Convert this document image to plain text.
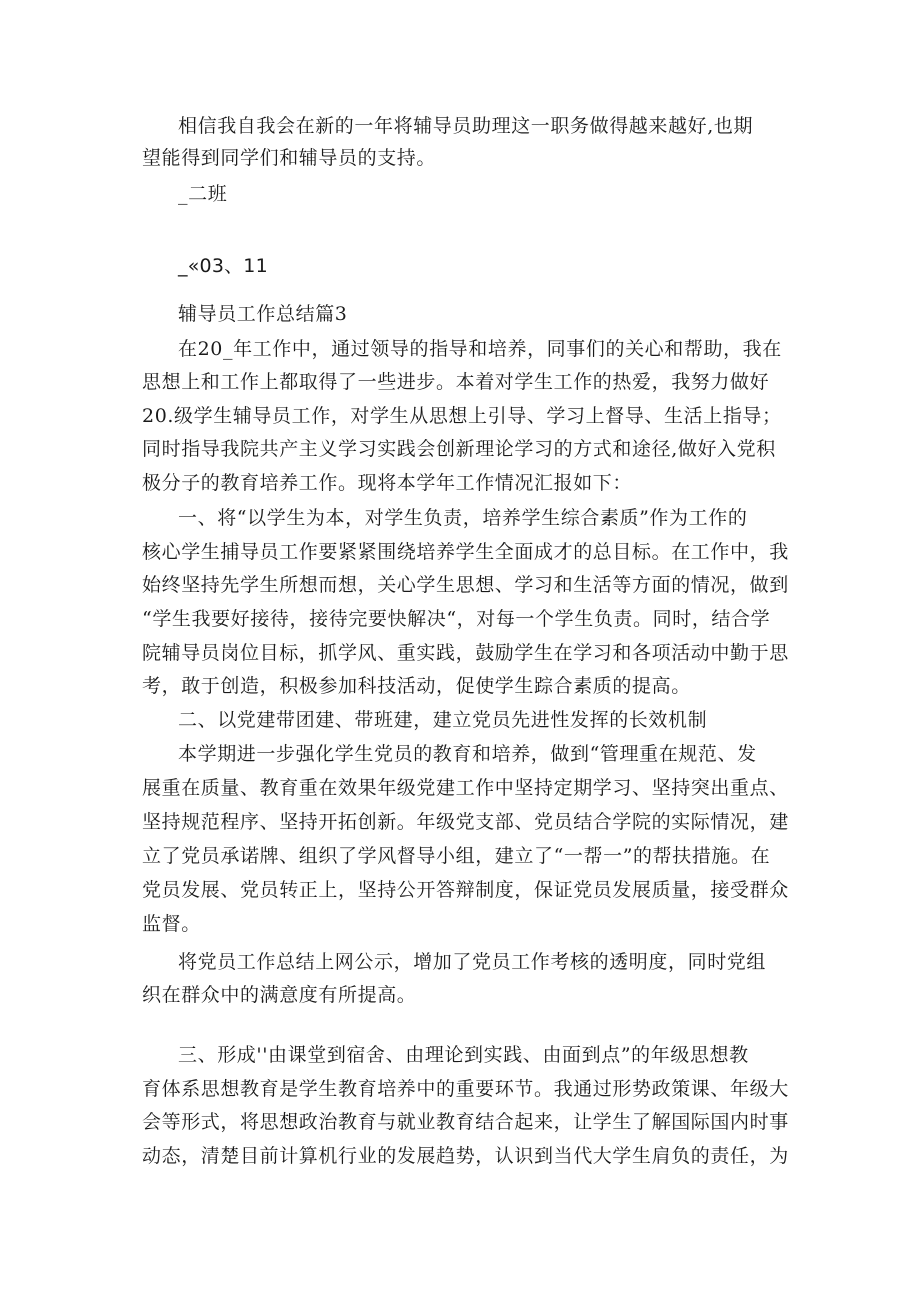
相信我自我会在新的一年将辅导员助理这一职务做得越来越好,也期
望能得到同学们和辅导员的支持。
_二班
_«03、11
辅导员工作总结篇3
在20_年工作中，通过领导的指导和培养，同事们的关心和帮助，我在
思想上和工作上都取得了一些进步。本着对学生工作的热爱，我努力做好
20.级学生辅导员工作，对学生从思想上引导、学习上督导、生活上指导；
同时指导我院共产主义学习实践会创新理论学习的方式和途径,做好入党积
极分子的教育培养工作。现将本学年工作情况汇报如下：
一、将“以学生为本，对学生负责，培养学生综合素质”作为工作的
核心学生捕导员工作要紧紧围绕培养学生全面成才的总目标。在工作中，我
始终坚持先学生所想而想，关心学生思想、学习和生活等方面的情况，做到
“学生我要好接待，接待完要快解决“，对每一个学生负责。同时，结合学
院辅导员岗位目标，抓学风、重实践，鼓励学生在学习和各项活动中勤于思
考，敢于创造，积极参加科技活动，促使学生踪合素质的提高。
二、以党建带团建、带班建，建立党员先进性发挥的长效机制
本学期进一步强化学生党员的教育和培养，做到“管理重在规范、发
展重在质量、教育重在效果年级党建工作中坚持定期学习、坚持突出重点、
坚持规范程序、坚持开拓创新。年级党支部、党员结合学院的实际情况，建
立了党员承诺牌、组织了学风督导小组，建立了“一帮一”的帮扶措施。在
党员发展、党员转正上，坚持公开答辩制度，保证党员发展质量，接受群众
监督。
将党员工作总结上网公示，增加了党员工作考核的透明度，同时党组
织在群众中的满意度有所提高。
三、形成''由课堂到宿舍、由理论到实践、由面到点”的年级思想教
育体系思想教育是学生教育培养中的重要环节。我通过形势政策课、年级大
会等形式，将思想政治教育与就业教育结合起来，让学生了解国际国内时事
动态，清楚目前计算机行业的发展趋势，认识到当代大学生肩负的责任，为
